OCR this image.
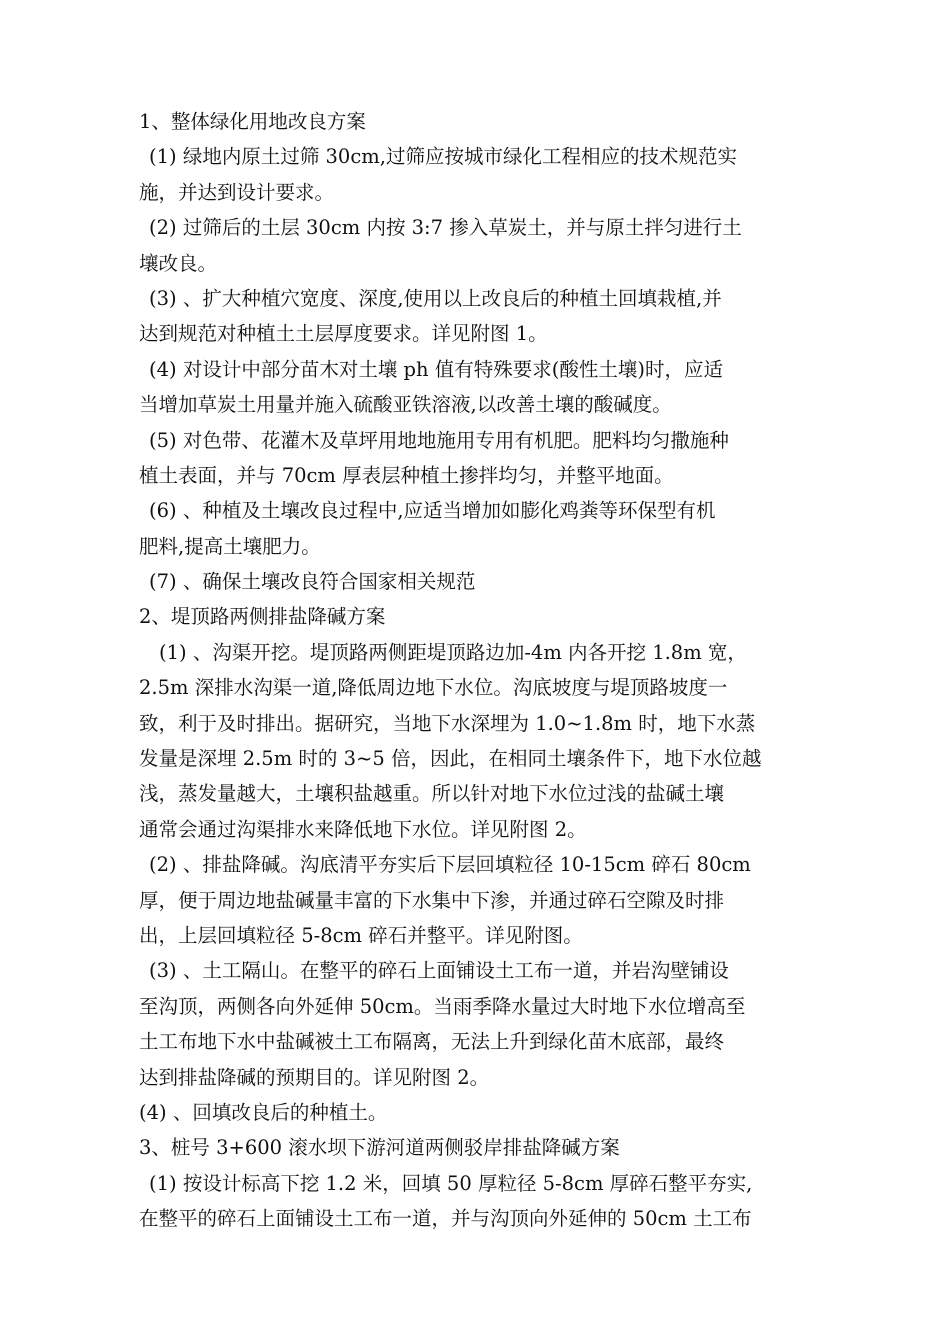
1、整体绿化用地改良方案
(1) 绿地内原土过筛 30cm,过筛应按城市绿化工程相应的技术规范实
施，并达到设计要求。
(2) 过筛后的土层 30cm 内按 3:7 掺入草炭土，并与原土拌匀进行土
壤改良。
(3) 、扩大种植穴宽度、深度,使用以上改良后的种植土回填栽植,并
达到规范对种植土土层厚度要求。详见附图 1。
(4) 对设计中部分苗木对土壤 ph 值有特殊要求(酸性土壤)时，应适
当增加草炭土用量并施入硫酸亚铁溶液,以改善土壤的酸碱度。
(5) 对色带、花灌木及草坪用地地施用专用有机肥。肥料均匀撒施种
植土表面，并与 70cm 厚表层种植土掺拌均匀，并整平地面。
(6) 、种植及土壤改良过程中,应适当增加如膨化鸡粪等环保型有机
肥料,提高土壤肥力。
(7) 、确保土壤改良符合国家相关规范
2、堤顶路两侧排盐降碱方案
(1) 、沟渠开挖。堤顶路两侧距堤顶路边加-4m 内各开挖 1.8m 宽，
2.5m 深排水沟渠一道,降低周边地下水位。沟底坡度与堤顶路坡度一
致，利于及时排出。据研究，当地下水深埋为 1.0~1.8m 时，地下水蒸
发量是深埋 2.5m 时的 3~5 倍，因此，在相同土壤条件下，地下水位越
浅，蒸发量越大，土壤积盐越重。所以针对地下水位过浅的盐碱土壤
通常会通过沟渠排水来降低地下水位。详见附图 2。
(2) 、排盐降碱。沟底清平夯实后下层回填粒径 10-15cm 碎石 80cm
厚，便于周边地盐碱量丰富的下水集中下渗，并通过碎石空隙及时排
出，上层回填粒径 5-8cm 碎石并整平。详见附图。
(3) 、土工隔山。在整平的碎石上面铺设土工布一道，并岩沟壁铺设
至沟顶，两侧各向外延伸 50cm。当雨季降水量过大时地下水位增高至
土工布地下水中盐碱被土工布隔离，无法上升到绿化苗木底部，最终
达到排盐降碱的预期目的。详见附图 2。
(4) 、回填改良后的种植土。
3、桩号 3+600 滚水坝下游河道两侧驳岸排盐降碱方案
(1) 按设计标高下挖 1.2 米，回填 50 厚粒径 5-8cm 厚碎石整平夯实,
在整平的碎石上面铺设土工布一道，并与沟顶向外延伸的 50cm 土工布
